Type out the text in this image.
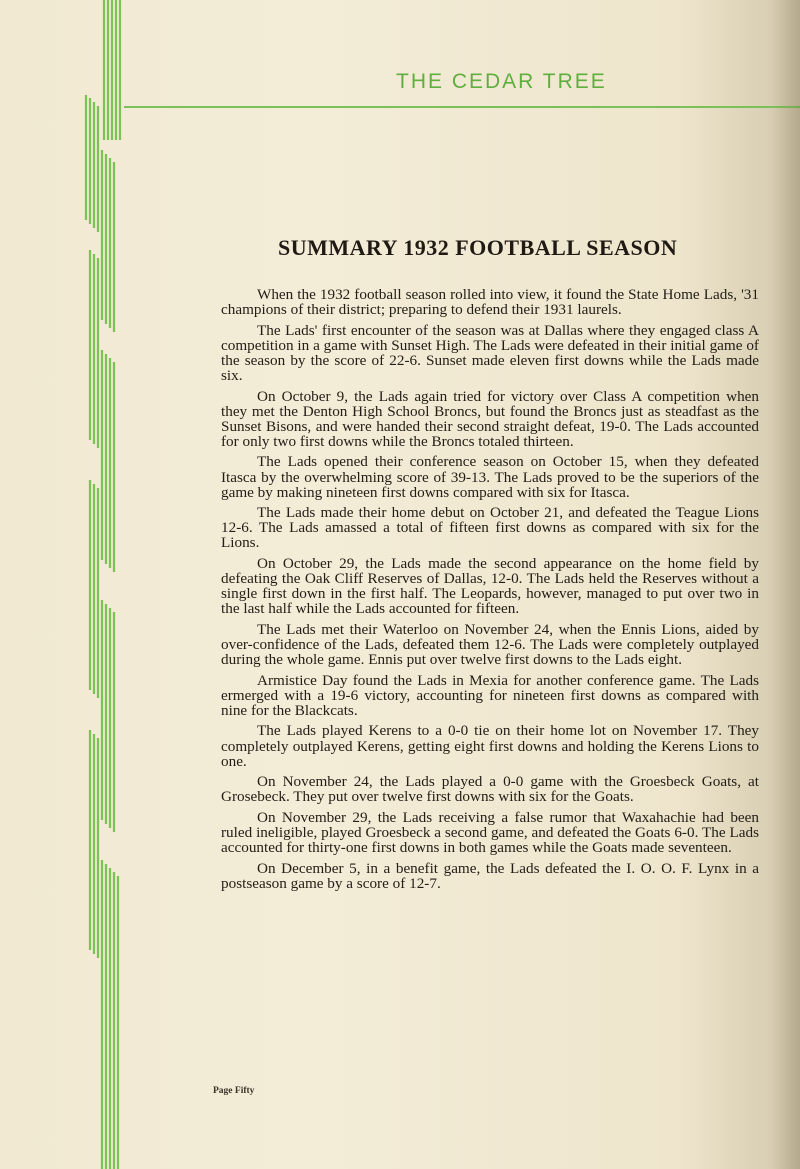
THE CEDAR TREE
SUMMARY 1932 FOOTBALL SEASON

When the 1932 football season rolled into view, it found the State Home Lads, '31 champions of their district; preparing to defend their 1931 laurels.

The Lads' first encounter of the season was at Dallas where they engaged class A competition in a game with Sunset High. The Lads were defeated in their initial game of the season by the score of 22-6. Sunset made eleven first downs while the Lads made six.

On October 9, the Lads again tried for victory over Class A competition when they met the Denton High School Broncs, but found the Broncs just as steadfast as the Sunset Bisons, and were handed their second straight defeat, 19-0. The Lads accounted for only two first downs while the Broncs totaled thirteen.

The Lads opened their conference season on October 15, when they defeated Itasca by the overwhelming score of 39-13. The Lads proved to be the superiors of the game by making nineteen first downs compared with six for Itasca.

The Lads made their home debut on October 21, and defeated the Teague Lions 12-6. The Lads amassed a total of fifteen first downs as compared with six for the Lions.

On October 29, the Lads made the second appearance on the home field by defeating the Oak Cliff Reserves of Dallas, 12-0. The Lads held the Reserves without a single first down in the first half. The Leopards, however, managed to put over two in the last half while the Lads accounted for fifteen.

The Lads met their Waterloo on November 24, when the Ennis Lions, aided by over-confidence of the Lads, defeated them 12-6. The Lads were completely outplayed during the whole game. Ennis put over twelve first downs to the Lads eight.

Armistice Day found the Lads in Mexia for another conference game. The Lads ermerged with a 19-6 victory, accounting for nineteen first downs as compared with nine for the Blackcats.

The Lads played Kerens to a 0-0 tie on their home lot on November 17. They completely outplayed Kerens, getting eight first downs and holding the Kerens Lions to one.

On November 24, the Lads played a 0-0 game with the Groesbeck Goats, at Grosebeck. They put over twelve first downs with six for the Goats.

On November 29, the Lads receiving a false rumor that Waxahachie had been ruled ineligible, played Groesbeck a second game, and defeated the Goats 6-0. The Lads accounted for thirty-one first downs in both games while the Goats made seventeen.

On December 5, in a benefit game, the Lads defeated the I. O. O. F. Lynx in a postseason game by a score of 12-7.

Page Fifty
